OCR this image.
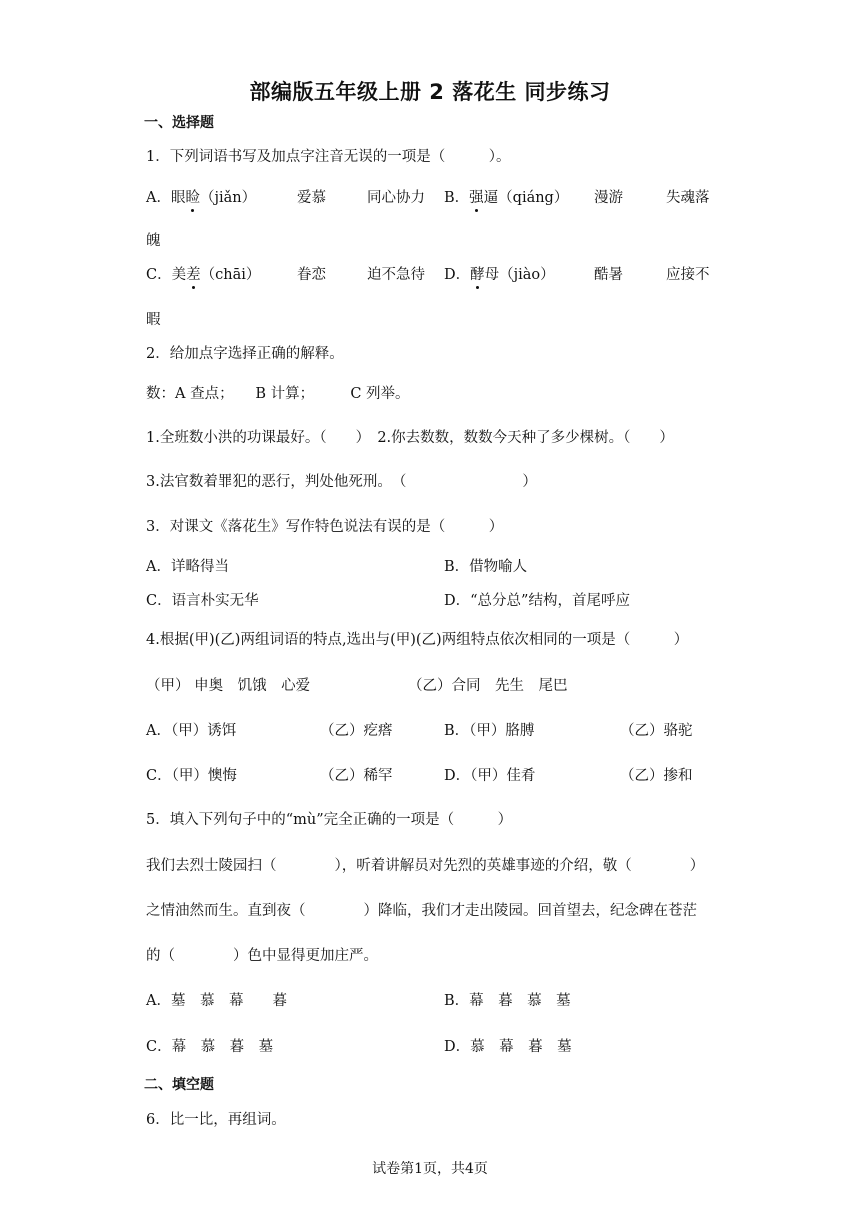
部编版五年级上册 2 落花生 同步练习
一、选择题
1．下列词语书写及加点字注音无误的一项是（　　　）。
A．眼睑（jiǎn）	爱慕	同心协力 B．强逼（qiáng） 漫游	失魂落
魄
C．美差（chāi）	眷恋	迫不急待 D．酵母（jiào）	酷暑	应接不
暇
2．给加点字选择正确的解释。
数：A 查点；　　B 计算；　　　C 列举。
1.全班数小洪的功课最好。（　　）　2.你去数数，数数今天种了多少棵树。（　　）
3.法官数着罪犯的恶行，判处他死刑。　（　　　　　　　　）
3．对课文《落花生》写作特色说法有误的是（　　　）
A．详略得当	B．借物喻人
C．语言朴实无华	D．“总分总”结构，首尾呼应
4.根据(甲)(乙)两组词语的特点,选出与(甲)(乙)两组特点依次相同的一项是（　　　）
（甲） 申奥　饥饿　心爱	（乙）合同　先生　尾巴
A．（甲）诱饵	（乙）疙瘩	B．（甲）胳膊	（乙）骆驼
C．（甲）懊悔	（乙）稀罕	D．（甲）佳肴	（乙）掺和
5．填入下列句子中的“mù”完全正确的一项是（　　　）
我们去烈士陵园扫（　　　　），听着讲解员对先烈的英雄事迹的介绍，敬（　　　　）
之情油然而生。直到夜（　　　　）降临，我们才走出陵园。回首望去，纪念碑在苍茫
的（　　　　）色中显得更加庄严。
A．墓　慕　幕　　暮	B．幕　暮　慕　墓
C．幕　慕　暮　墓	D．慕　幕　暮　墓
二、填空题
6．比一比，再组词。
试卷第1页，共4页
